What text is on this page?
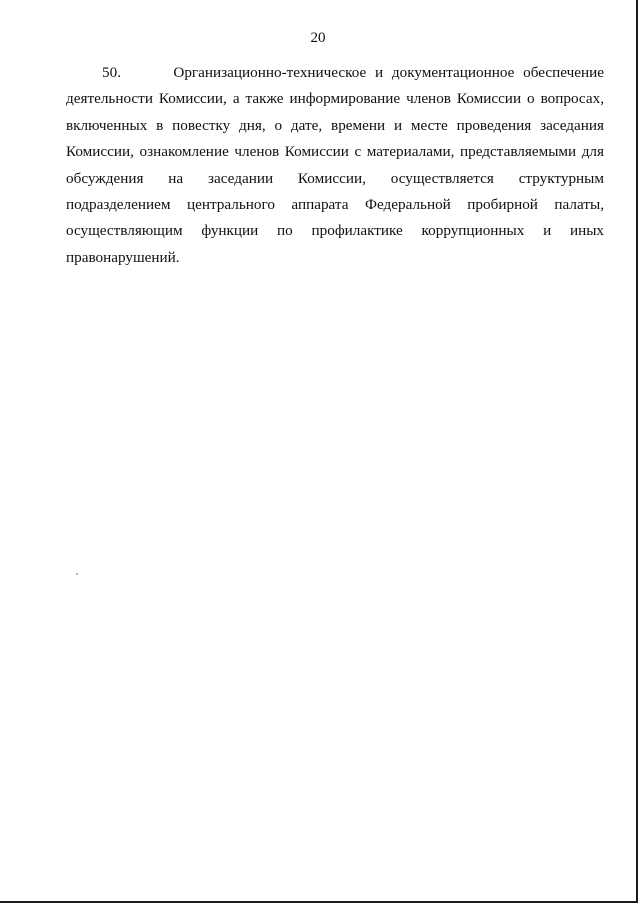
20

50.	Организационно-техническое и документационное обеспечение деятельности Комиссии, а также информирование членов Комиссии о вопросах, включенных в повестку дня, о дате, времени и месте проведения заседания Комиссии, ознакомление членов Комиссии с материалами, представляемыми для обсуждения на заседании Комиссии, осуществляется структурным подразделением центрального аппарата Федеральной пробирной палаты, осуществляющим функции по профилактике коррупционных и иных правонарушений.
